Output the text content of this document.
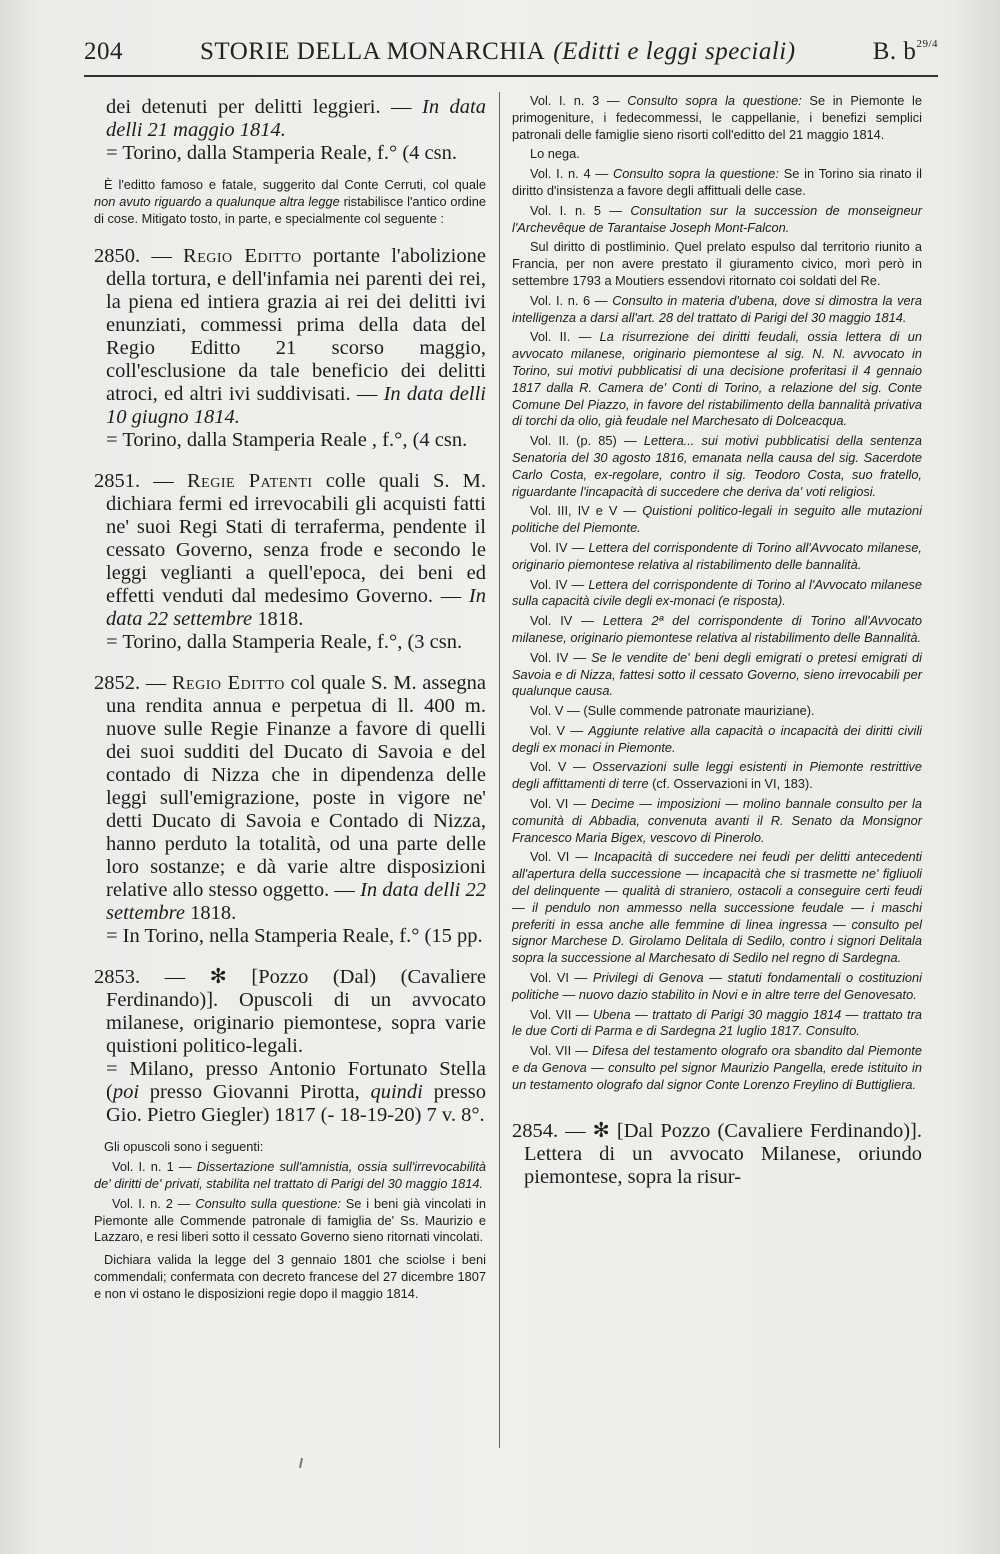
204	STORIE DELLA MONARCHIA (Editti e leggi speciali)	B. $b^{29/4}$

dei detenuti per delitti leggieri. — In data delli 21 maggio 1814.

= Torino, dalla Stamperia Reale, f.° (4 csn.

È l'editto famoso e fatale, suggerito dal Conte Cerruti, col quale non avuto riguardo a qualunque altra legge ristabilisce l'antico ordine di cose. Mitigato tosto, in parte, e specialmente col seguente :

2850. — Regio Editto portante l'abolizione della tortura, e dell'infamia nei parenti dei rei, la piena ed intiera grazia ai rei dei delitti ivi enunziati, commessi prima della data del Regio Editto 21 scorso maggio, coll'esclusione da tale beneficio dei delitti atroci, ed altri ivi suddivisati. — In data delli 10 giugno 1814.

= Torino, dalla Stamperia Reale , f.°, (4 csn.

2851. — Regie Patenti colle quali S. M. dichiara fermi ed irrevocabili gli acquisti fatti ne' suoi Regi Stati di terraferma, pendente il cessato Governo, senza frode e secondo le leggi veglianti a quell'epoca, dei beni ed effetti venduti dal medesimo Governo. — In data 22 settembre 1818.

= Torino, dalla Stamperia Reale, f.°, (3 csn.

2852. — Regio Editto col quale S. M. assegna una rendita annua e perpetua di ll. 400 m. nuove sulle Regie Finanze a favore di quelli dei suoi sudditi del Ducato di Savoia e del contado di Nizza che in dipendenza delle leggi sull'emigrazione, poste in vigore ne' detti Ducato di Savoia e Contado di Nizza, hanno perduto la totalità, od una parte delle loro sostanze; e dà varie altre disposizioni relative allo stesso oggetto. — In data delli 22 settembre 1818.

= In Torino, nella Stamperia Reale, f.° (15 pp.

2853. — ✻ [Pozzo (Dal) (Cavaliere Ferdinando)]. Opuscoli di un avvocato milanese, originario piemontese, sopra varie quistioni politico-legali.

= Milano, presso Antonio Fortunato Stella (poi presso Giovanni Pirotta, quindi presso Gio. Pietro Giegler) 1817 (- 18-19-20) 7 v. 8°.

Gli opuscoli sono i seguenti:

Vol. I. n. 1 — Dissertazione sull'amnistia, ossia sull'irrevocabilità de' diritti de' privati, stabilita nel trattato di Parigi del 30 maggio 1814.

Vol. I. n. 2 — Consulto sulla questione: Se i beni già vincolati in Piemonte alle Commende patronale di famiglia de' Ss. Maurizio e Lazzaro, e resi liberi sotto il cessato Governo sieno ritornati vincolati.

Dichiara valida la legge del 3 gennaio 1801 che sciolse i beni commendali; confermata con decreto francese del 27 dicembre 1807 e non vi ostano le disposizioni regie dopo il maggio 1814.

Vol. I. n. 3 — Consulto sopra la questione: Se in Piemonte le primogeniture, i fedecommessi, le cappellanie, i benefizi semplici patronali delle famiglie sieno risorti coll'editto del 21 maggio 1814.

Lo nega.

Vol. I. n. 4 — Consulto sopra la questione: Se in Torino sia rinato il diritto d'insistenza a favore degli affittuali delle case.

Vol. I. n. 5 — Consultation sur la succession de monseigneur l'Archevêque de Tarantaise Joseph Mont-Falcon.

Sul diritto di postliminio. Quel prelato espulso dal territorio riunito a Francia, per non avere prestato il giuramento civico, morì però in settembre 1793 a Moutiers essendovi ritornato coi soldati del Re.

Vol. I. n. 6 — Consulto in materia d'ubena, dove si dimostra la vera intelligenza a darsi all'art. 28 del trattato di Parigi del 30 maggio 1814.

Vol. II. — La risurrezione dei diritti feudali, ossia lettera di un avvocato milanese, originario piemontese al sig. N. N. avvocato in Torino, sui motivi pubblicatisi di una decisione proferitasi il 4 gennaio 1817 dalla R. Camera de' Conti di Torino, a relazione del sig. Conte Comune Del Piazzo, in favore del ristabilimento della bannalità privativa di torchi da olio, già feudale nel Marchesato di Dolceacqua.

Vol. II. (p. 85) — Lettera... sui motivi pubblicatisi della sentenza Senatoria del 30 agosto 1816, emanata nella causa del sig. Sacerdote Carlo Costa, ex-regolare, contro il sig. Teodoro Costa, suo fratello, riguardante l'incapacità di succedere che deriva da' voti religiosi.

Vol. III, IV e V — Quistioni politico-legali in seguito alle mutazioni politiche del Piemonte.

Vol. IV — Lettera del corrispondente di Torino all'Avvocato milanese, originario piemontese relativa al ristabilimento delle bannalità.

Vol. IV — Lettera del corrispondente di Torino al l'Avvocato milanese sulla capacità civile degli ex-monaci (e risposta).

Vol. IV — Lettera 2ª del corrispondente di Torino all'Avvocato milanese, originario piemontese relativa al ristabilimento delle Bannalità.

Vol. IV — Se le vendite de' beni degli emigrati o pretesi emigrati di Savoia e di Nizza, fattesi sotto il cessato Governo, sieno irrevocabili per qualunque causa.

Vol. V — (Sulle commende patronate mauriziane).

Vol. V — Aggiunte relative alla capacità o incapacità dei diritti civili degli ex monaci in Piemonte.

Vol. V — Osservazioni sulle leggi esistenti in Piemonte restrittive degli affittamenti di terre (cf. Osservazioni in VI, 183).

Vol. VI — Decime — imposizioni — molino bannale consulto per la comunità di Abbadia, convenuta avanti il R. Senato da Monsignor Francesco Maria Bigex, vescovo di Pinerolo.

Vol. VI — Incapacità di succedere nei feudi per delitti antecedenti all'apertura della successione — incapacità che si trasmette ne' figliuoli del delinquente — qualità di straniero, ostacoli a conseguire certi feudi — il pendulo non ammesso nella successione feudale — i maschi preferiti in essa anche alle femmine di linea ingressa — consulto pel signor Marchese D. Girolamo Delitala di Sedilo, contro i signori Delitala sopra la successione al Marchesato di Sedilo nel regno di Sardegna.

Vol. VI — Privilegi di Genova — statuti fondamentali o costituzioni politiche — nuovo dazio stabilito in Novi e in altre terre del Genovesato.

Vol. VII — Ubena — trattato di Parigi 30 maggio 1814 — trattato tra le due Corti di Parma e di Sardegna 21 luglio 1817. Consulto.

Vol. VII — Difesa del testamento olografo ora sbandito dal Piemonte e da Genova — consulto pel signor Maurizio Pangella, erede istituito in un testamento olografo dal signor Conte Lorenzo Freylino di Buttigliera.

2854. — ✻ [Dal Pozzo (Cavaliere Ferdinando)]. Lettera di un avvocato Milanese, oriundo piemontese, sopra la risur-
